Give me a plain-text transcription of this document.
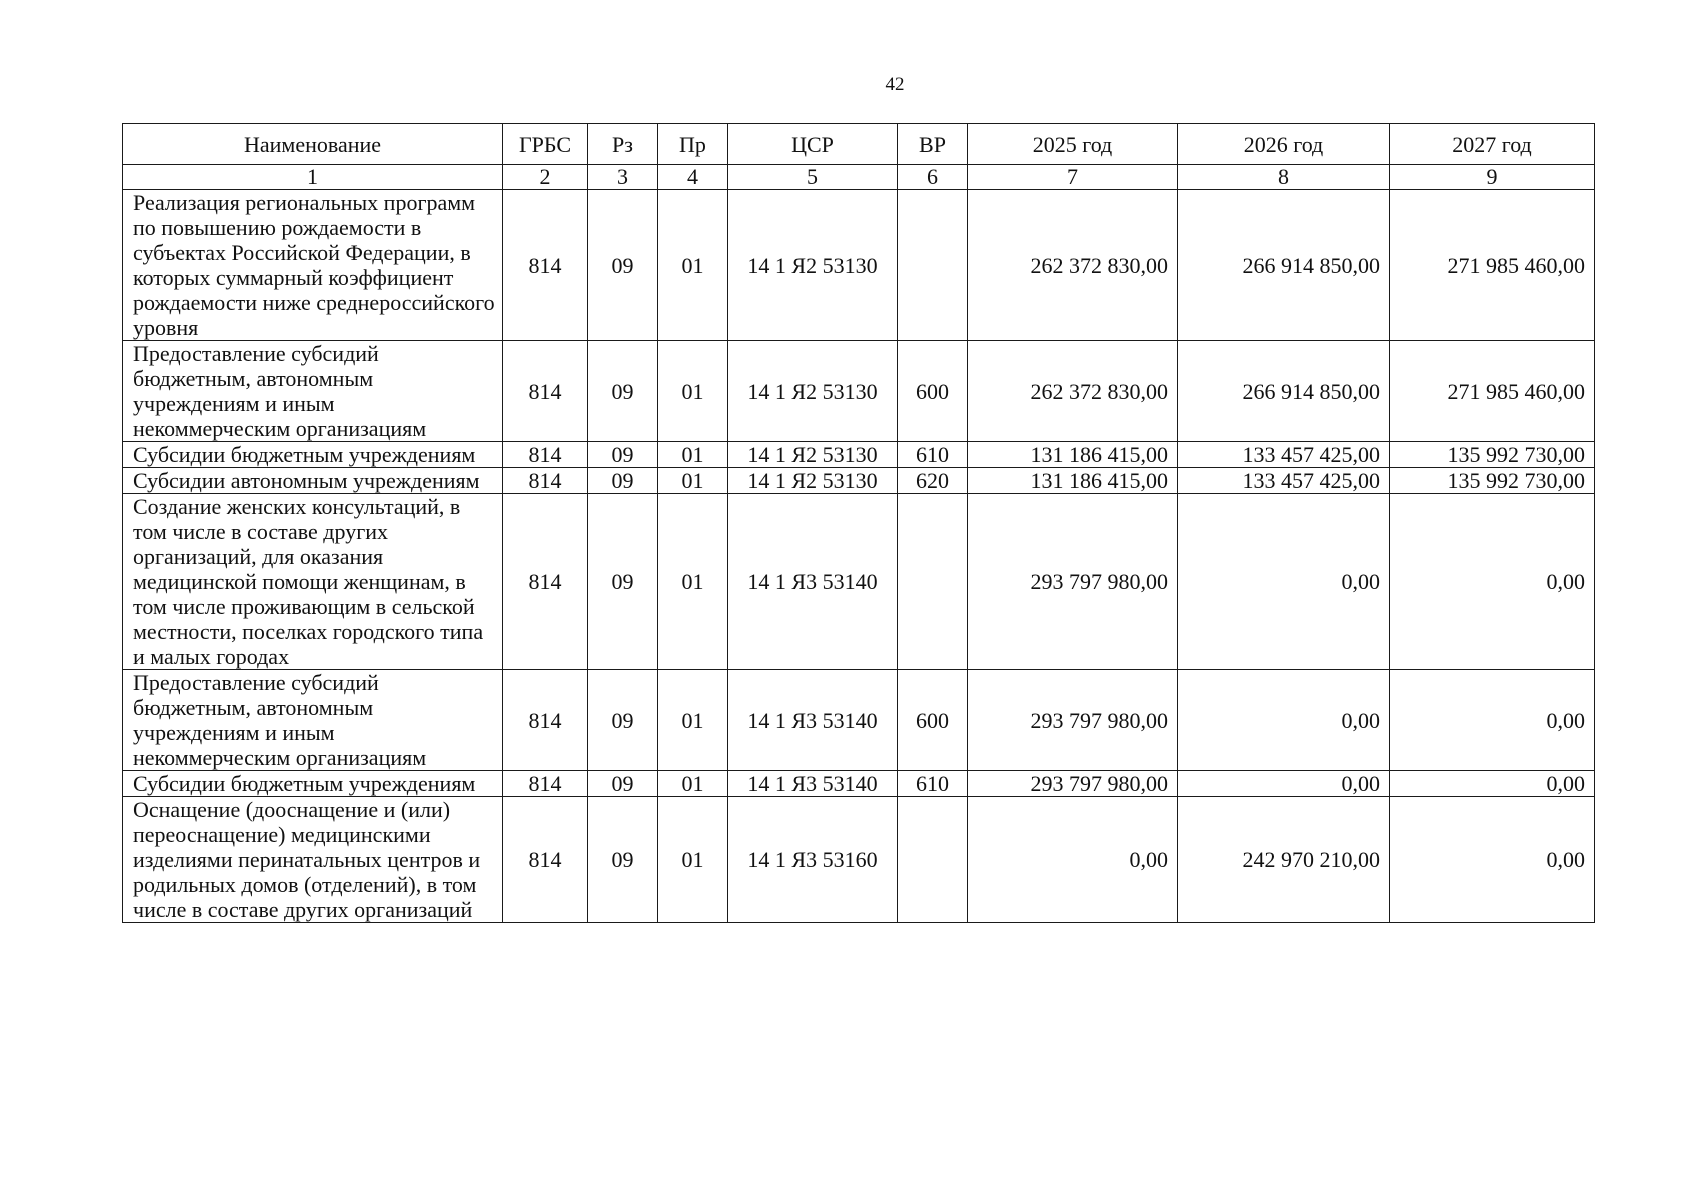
42
Наименование	ГРБС	Рз	Пр	ЦСР	ВР	2025 год	2026 год	2027 год
1	2	3	4	5	6	7	8	9
Реализация региональных программ по повышению рождаемости в субъектах Российской Федерации, в которых суммарный коэффициент рождаемости ниже среднероссийского уровня	814	09	01	14 1 Я2 53130		262 372 830,00	266 914 850,00	271 985 460,00
Предоставление субсидий бюджетным, автономным учреждениям и иным некоммерческим организациям	814	09	01	14 1 Я2 53130	600	262 372 830,00	266 914 850,00	271 985 460,00
Субсидии бюджетным учреждениям	814	09	01	14 1 Я2 53130	610	131 186 415,00	133 457 425,00	135 992 730,00
Субсидии автономным учреждениям	814	09	01	14 1 Я2 53130	620	131 186 415,00	133 457 425,00	135 992 730,00
Создание женских консультаций, в том числе в составе других организаций, для оказания медицинской помощи женщинам, в том числе проживающим в сельской местности, поселках городского типа и малых городах	814	09	01	14 1 Я3 53140		293 797 980,00	0,00	0,00
Предоставление субсидий бюджетным, автономным учреждениям и иным некоммерческим организациям	814	09	01	14 1 Я3 53140	600	293 797 980,00	0,00	0,00
Субсидии бюджетным учреждениям	814	09	01	14 1 Я3 53140	610	293 797 980,00	0,00	0,00
Оснащение (дооснащение и (или) переоснащение) медицинскими изделиями перинатальных центров и родильных домов (отделений), в том числе в составе других организаций	814	09	01	14 1 Я3 53160		0,00	242 970 210,00	0,00
